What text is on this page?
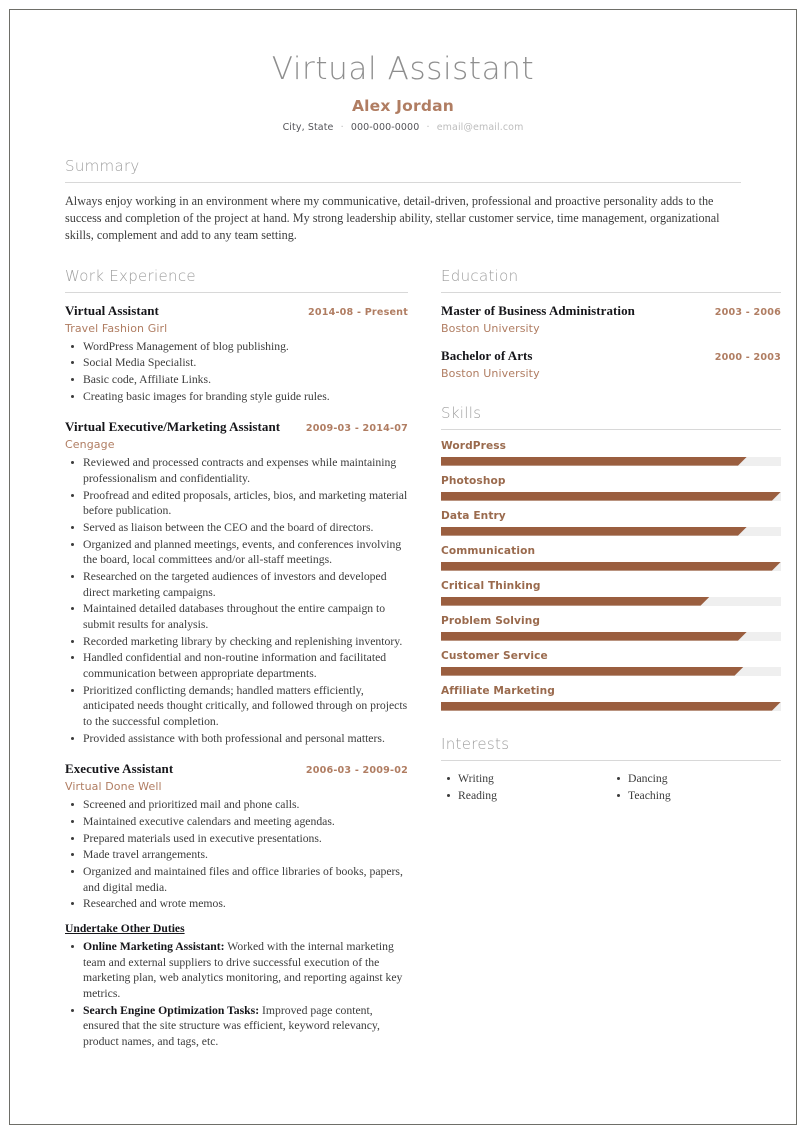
Virtual Assistant
Alex Jordan
City, State · 000-000-0000 · email@email.com
Summary
Always enjoy working in an environment where my communicative, detail-driven, professional and proactive personality adds to the success and completion of the project at hand. My strong leadership ability, stellar customer service, time management, organizational skills, complement and add to any team setting.
Work Experience
Virtual Assistant	2014-08 - Present
Travel Fashion Girl
WordPress Management of blog publishing.
Social Media Specialist.
Basic code, Affiliate Links.
Creating basic images for branding style guide rules.
Virtual Executive/Marketing Assistant	2009-03 - 2014-07
Cengage
Reviewed and processed contracts and expenses while maintaining professionalism and confidentiality.
Proofread and edited proposals, articles, bios, and marketing material before publication.
Served as liaison between the CEO and the board of directors.
Organized and planned meetings, events, and conferences involving the board, local committees and/or all-staff meetings.
Researched on the targeted audiences of investors and developed direct marketing campaigns.
Maintained detailed databases throughout the entire campaign to submit results for analysis.
Recorded marketing library by checking and replenishing inventory.
Handled confidential and non-routine information and facilitated communication between appropriate departments.
Prioritized conflicting demands; handled matters efficiently, anticipated needs thought critically, and followed through on projects to the successful completion.
Provided assistance with both professional and personal matters.
Executive Assistant	2006-03 - 2009-02
Virtual Done Well
Screened and prioritized mail and phone calls.
Maintained executive calendars and meeting agendas.
Prepared materials used in executive presentations.
Made travel arrangements.
Organized and maintained files and office libraries of books, papers, and digital media.
Researched and wrote memos.
Undertake Other Duties
Online Marketing Assistant: Worked with the internal marketing team and external suppliers to drive successful execution of the marketing plan, web analytics monitoring, and reporting against key metrics.
Search Engine Optimization Tasks: Improved page content, ensured that the site structure was efficient, keyword relevancy, product names, and tags, etc.
Education
Master of Business Administration	2003 - 2006
Boston University
Bachelor of Arts	2000 - 2003
Boston University
Skills
WordPress
Photoshop
Data Entry
Communication
Critical Thinking
Problem Solving
Customer Service
Affiliate Marketing
Interests
Writing
Reading
Dancing
Teaching
